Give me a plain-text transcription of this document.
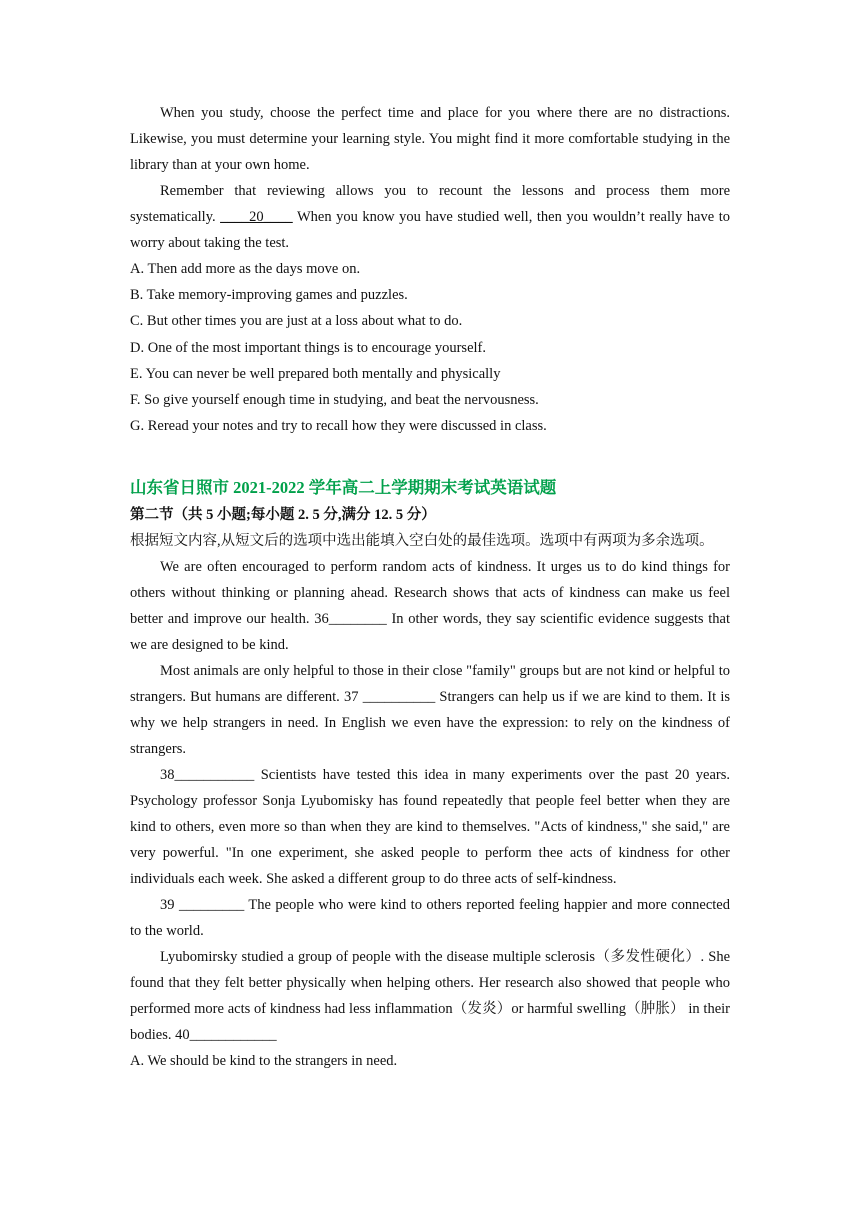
When you study, choose the perfect time and place for you where there are no distractions. Likewise, you must determine your learning style. You might find it more comfortable studying in the library than at your own home.

Remember that reviewing allows you to recount the lessons and process them more systematically. ____20____ When you know you have studied well, then you wouldn’t really have to worry about taking the test.

A. Then add more as the days move on.

B. Take memory-improving games and puzzles.

C. But other times you are just at a loss about what to do.

D. One of the most important things is to encourage yourself.

E. You can never be well prepared both mentally and physically

F. So give yourself enough time in studying, and beat the nervousness.

G. Reread your notes and try to recall how they were discussed in class.

山东省日照市 2021-2022 学年高二上学期期末考试英语试题

第二节（共 5 小题;每小题 2. 5 分,满分 12. 5 分）

根据短文内容,从短文后的选项中选出能填入空白处的最佳选项。选项中有两项为多余选项。

We are often encouraged to perform random acts of kindness. It urges us to do kind things for others without thinking or planning ahead. Research shows that acts of kindness can make us feel better and improve our health. 36________ In other words, they say scientific evidence suggests that we are designed to be kind.

Most animals are only helpful to those in their close "family" groups but are not kind or helpful to strangers. But humans are different. 37 __________ Strangers can help us if we are kind to them. It is why we help strangers in need. In English we even have the expression: to rely on the kindness of strangers.

38___________ Scientists have tested this idea in many experiments over the past 20 years. Psychology professor Sonja Lyubomisky has found repeatedly that people feel better when they are kind to others, even more so than when they are kind to themselves. "Acts of kindness," she said," are very powerful. "In one experiment, she asked people to perform thee acts of kindness for other individuals each week. She asked a different group to do three acts of self-kindness.

39 _________ The people who were kind to others reported feeling happier and more connected to the world.

Lyubomirsky studied a group of people with the disease multiple sclerosis（多发性硬化）. She found that they felt better physically when helping others. Her research also showed that people who performed more acts of kindness had less inflammation（发炎）or harmful swelling（肿胀） in their bodies. 40____________

A. We should be kind to the strangers in need.
